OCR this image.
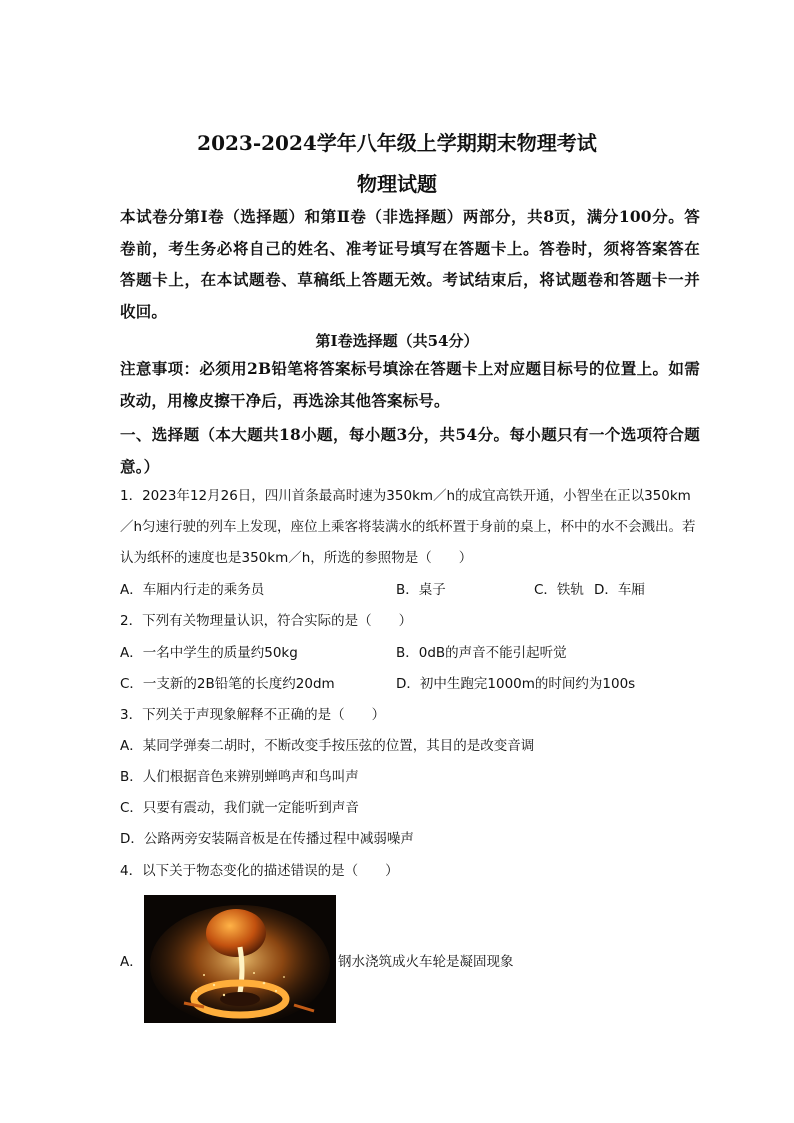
2023-2024学年八年级上学期期末物理考试
物理试题
本试卷分第Ⅰ卷（选择题）和第Ⅱ卷（非选择题）两部分，共8页，满分100分。答卷前，考生务必将自己的姓名、准考证号填写在答题卡上。答卷时，须将答案答在答题卡上，在本试题卷、草稿纸上答题无效。考试结束后，将试题卷和答题卡一并收回。
第Ⅰ卷选择题（共54分）
注意事项：必须用2B铅笔将答案标号填涂在答题卡上对应题目标号的位置上。如需改动，用橡皮擦干净后，再选涂其他答案标号。
一、选择题（本大题共18小题，每小题3分，共54分。每小题只有一个选项符合题意。）
1．2023年12月26日，四川首条最高时速为350km／h的成宜高铁开通，小智坐在正以350km／h匀速行驶的列车上发现，座位上乘客将装满水的纸杯置于身前的桌上，杯中的水不会溅出。若认为纸杯的速度也是350km／h，所选的参照物是（　　）
A．车厢内行走的乘务员	B．桌子	C．铁轨 D．车厢
2．下列有关物理量认识，符合实际的是（　　）
A．一名中学生的质量约50kg	B．0dB的声音不能引起听觉
C．一支新的2B铅笔的长度约20dm	D．初中生跑完1000m的时间约为100s
3．下列关于声现象解释不正确的是（　　）
A．某同学弹奏二胡时，不断改变手按压弦的位置，其目的是改变音调
B．人们根据音色来辨别蝉鸣声和鸟叫声
C．只要有震动，我们就一定能听到声音
D．公路两旁安装隔音板是在传播过程中减弱噪声
4．以下关于物态变化的描述错误的是（　　）
A．	钢水浇筑成火车轮是凝固现象
